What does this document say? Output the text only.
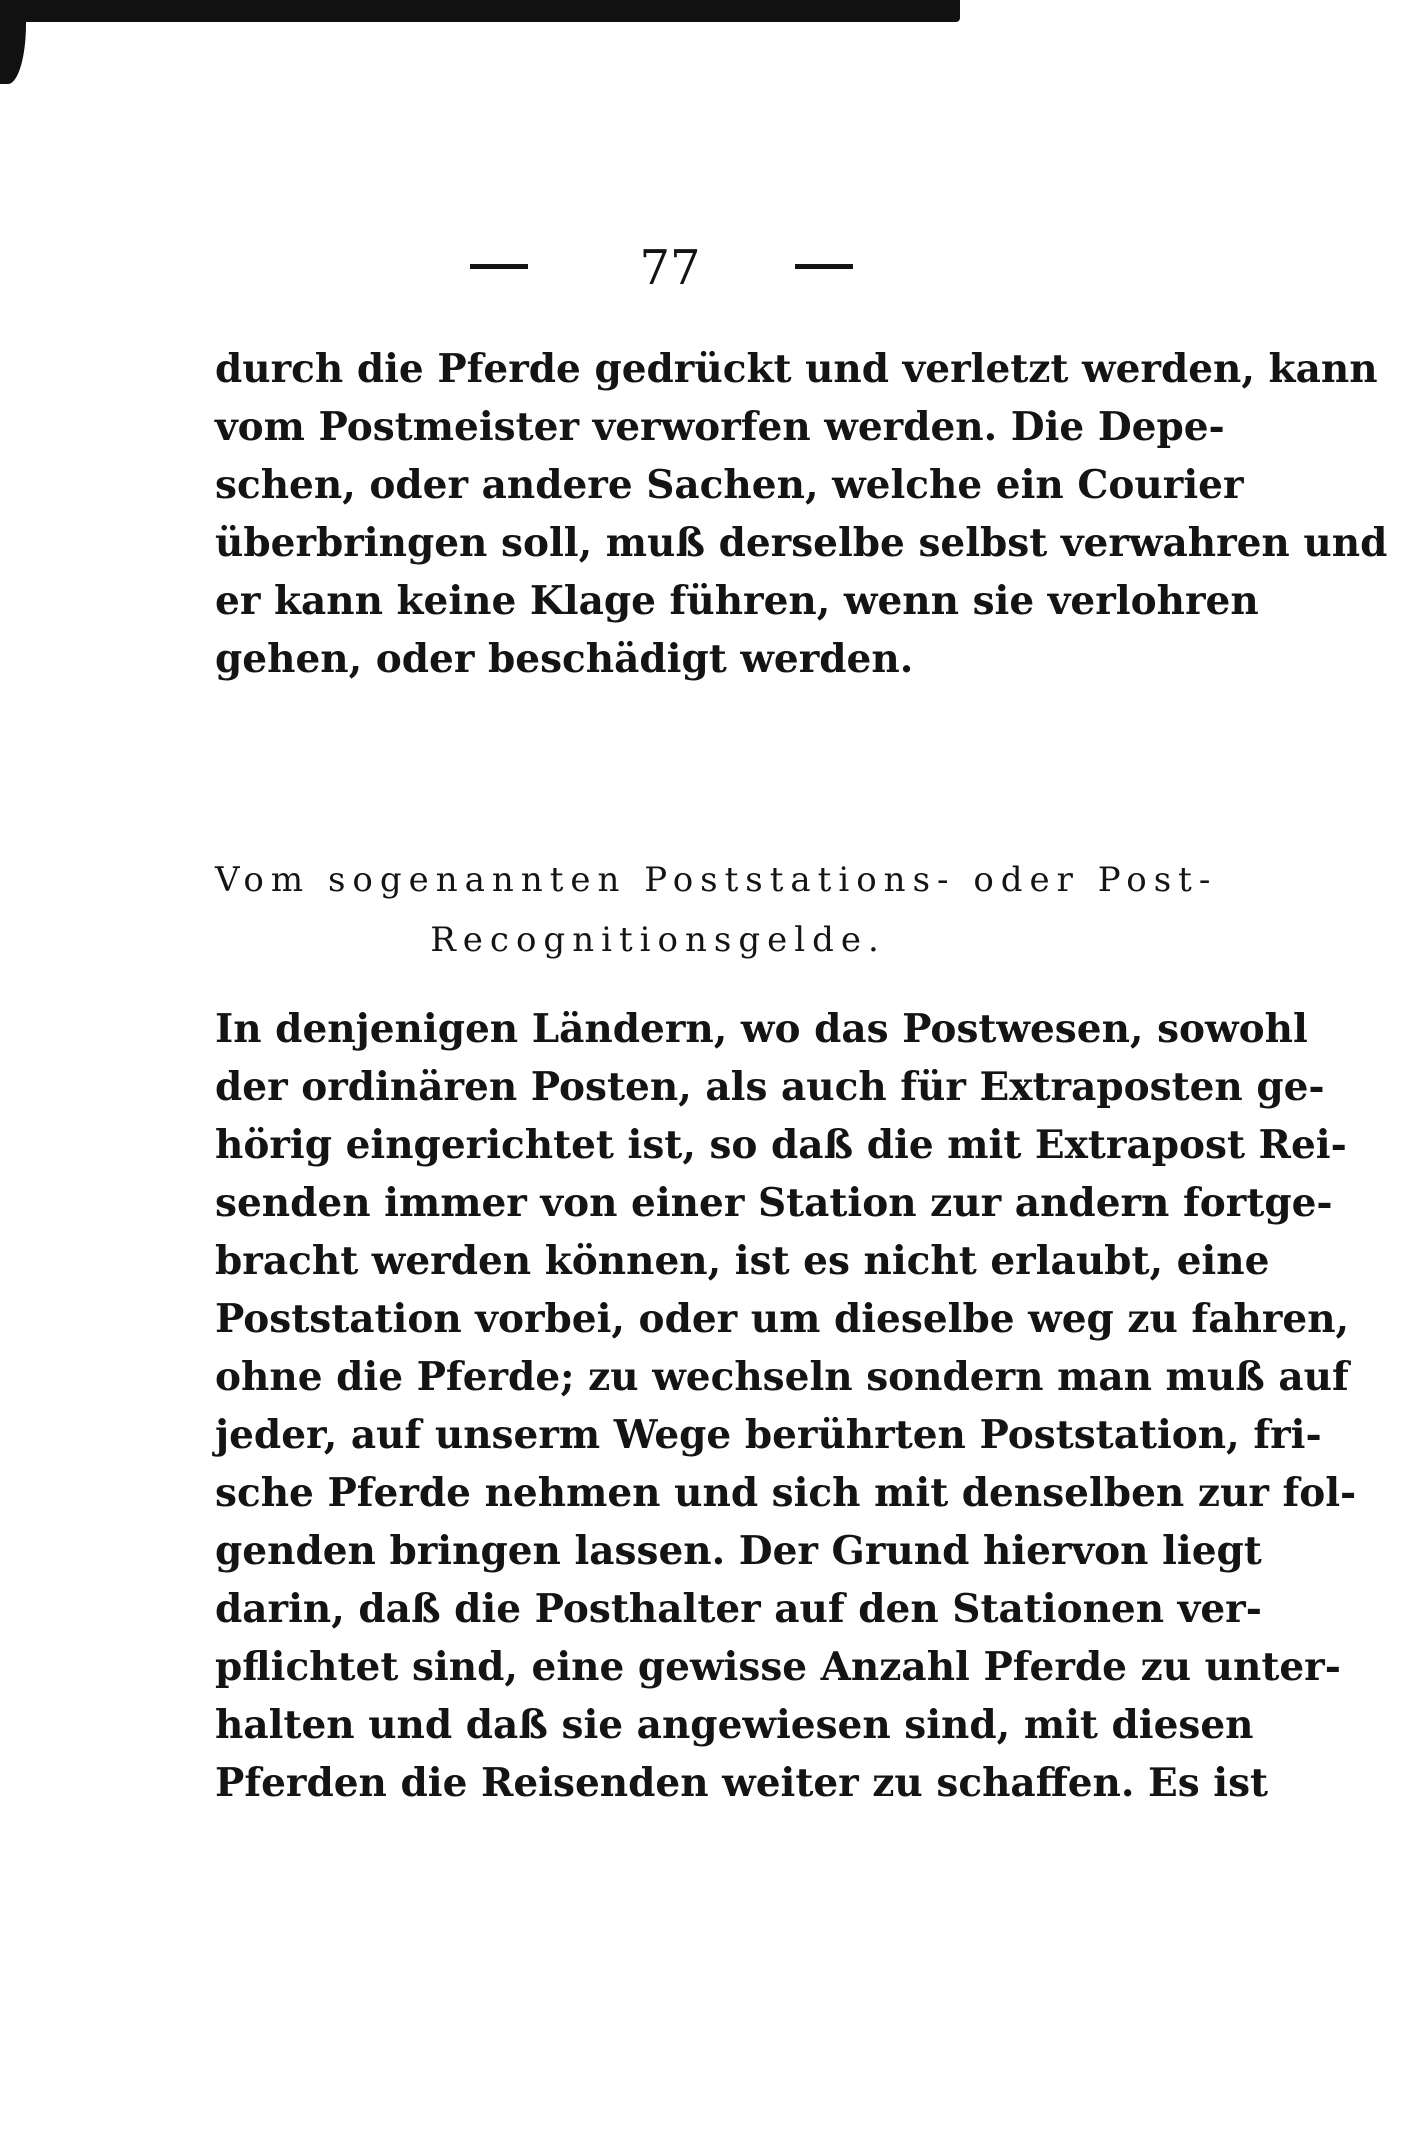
77
durch die Pferde gedrückt und verletzt werden, kann
vom Postmeister verworfen werden. Die Depe-
schen, oder andere Sachen, welche ein Courier
überbringen soll, muß derselbe selbst verwahren und
er kann keine Klage führen, wenn sie verlohren
gehen, oder beschädigt werden.
Vom sogenannten Poststations- oder Post-
Recognitionsgelde.
In denjenigen Ländern, wo das Postwesen, sowohl
der ordinären Posten, als auch für Extraposten ge-
hörig eingerichtet ist, so daß die mit Extrapost Rei-
senden immer von einer Station zur andern fortge-
bracht werden können, ist es nicht erlaubt, eine
Poststation vorbei, oder um dieselbe weg zu fahren,
ohne die Pferde; zu wechseln sondern man muß auf
jeder, auf unserm Wege berührten Poststation, fri-
sche Pferde nehmen und sich mit denselben zur fol-
genden bringen lassen. Der Grund hiervon liegt
darin, daß die Posthalter auf den Stationen ver-
pflichtet sind, eine gewisse Anzahl Pferde zu unter-
halten und daß sie angewiesen sind, mit diesen
Pferden die Reisenden weiter zu schaffen. Es ist
